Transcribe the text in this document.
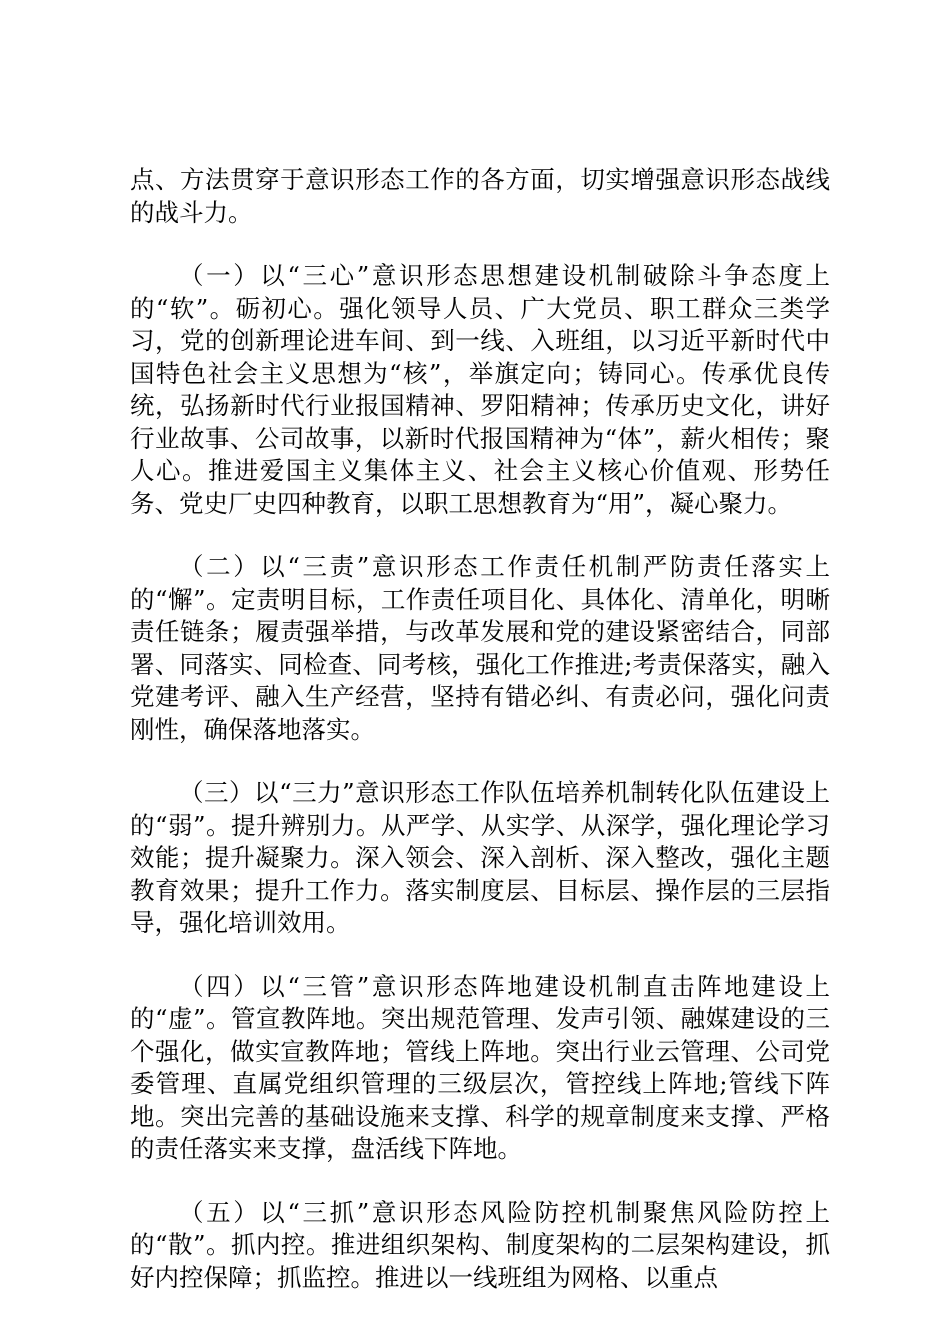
点、方法贯穿于意识形态工作的各方面，切实增强意识形态战线的战斗力。

（一）以“三心”意识形态思想建设机制破除斗争态度上的“软”。砺初心。强化领导人员、广大党员、职工群众三类学习，党的创新理论进车间、到一线、入班组，以习近平新时代中国特色社会主义思想为“核”，举旗定向；铸同心。传承优良传统，弘扬新时代行业报国精神、罗阳精神；传承历史文化，讲好行业故事、公司故事，以新时代报国精神为“体”，薪火相传；聚人心。推进爱国主义集体主义、社会主义核心价值观、形势任务、党史厂史四种教育，以职工思想教育为“用”，凝心聚力。

（二）以“三责”意识形态工作责任机制严防责任落实上的“懈”。定责明目标，工作责任项目化、具体化、清单化，明晰责任链条；履责强举措，与改革发展和党的建设紧密结合，同部署、同落实、同检查、同考核，强化工作推进;考责保落实，融入党建考评、融入生产经营，坚持有错必纠、有责必问，强化问责刚性，确保落地落实。

（三）以“三力”意识形态工作队伍培养机制转化队伍建设上的“弱”。提升辨别力。从严学、从实学、从深学，强化理论学习效能；提升凝聚力。深入领会、深入剖析、深入整改，强化主题教育效果；提升工作力。落实制度层、目标层、操作层的三层指导，强化培训效用。

（四）以“三管”意识形态阵地建设机制直击阵地建设上的“虚”。管宣教阵地。突出规范管理、发声引领、融媒建设的三个强化，做实宣教阵地；管线上阵地。突出行业云管理、公司党委管理、直属党组织管理的三级层次，管控线上阵地;管线下阵地。突出完善的基础设施来支撑、科学的规章制度来支撑、严格的责任落实来支撑，盘活线下阵地。

（五）以“三抓”意识形态风险防控机制聚焦风险防控上的“散”。抓内控。推进组织架构、制度架构的二层架构建设，抓好内控保障；抓监控。推进以一线班组为网格、以重点
